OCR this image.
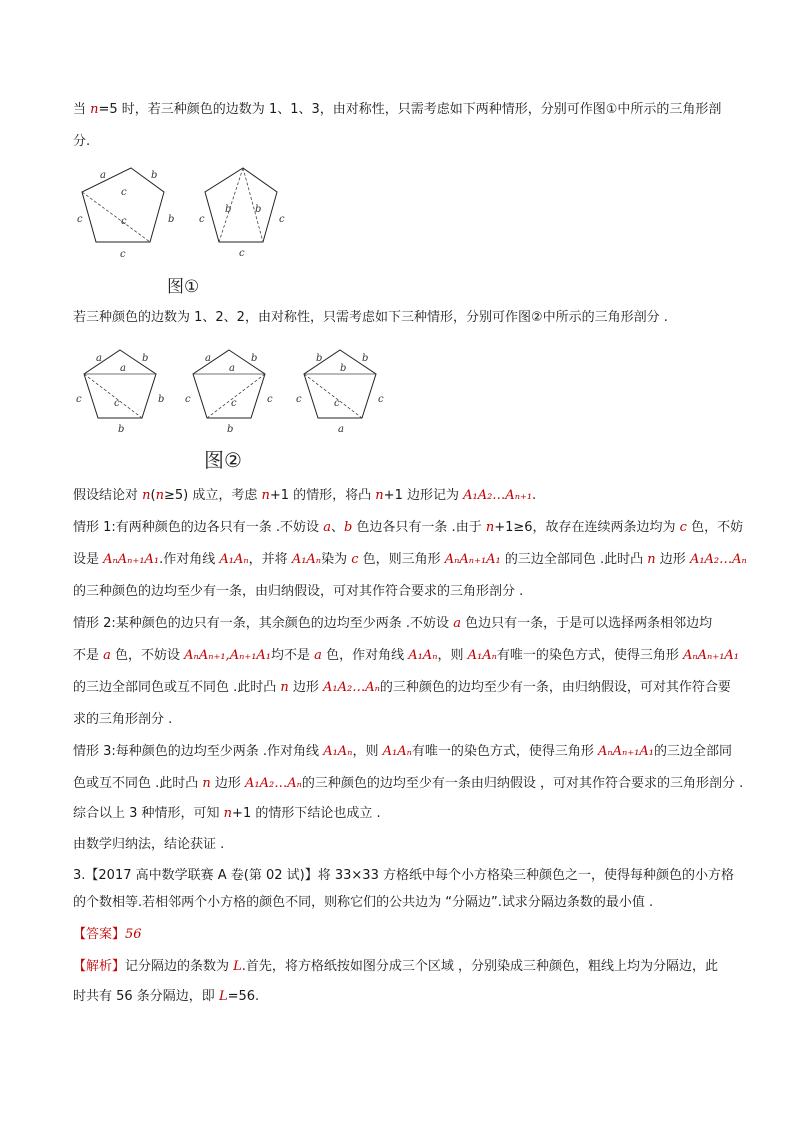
当 n=5 时，若三种颜色的边数为 1、1、3，由对称性，只需考虑如下两种情形，分别可作图①中所示的三角形剖
分.
a	b
c	b
c
c
c
b b
c	c
c
图①
若三种颜色的边数为 1、2、2，由对称性，只需考虑如下三种情形，分别可作图②中所示的三角形剖分 .
a	b
a
c	b
c
b
a	b
a
c	c
c
b
b	b
b
c	c
c
a
图②
假设结论对 n(n≥5) 成立，考虑 n+1 的情形，将凸 n+1 边形记为 A₁A₂…Aₙ₊₁.
情形 1:有两种颜色的边各只有一条 .不妨设 a、b 色边各只有一条 .由于 n+1≥6，故存在连续两条边均为 c 色，不妨
设是 AₙAₙ₊₁A₁.作对角线 A₁Aₙ，并将 A₁Aₙ染为 c 色，则三角形 AₙAₙ₊₁A₁ 的三边全部同色 .此时凸 n 边形 A₁A₂…Aₙ
的三种颜色的边均至少有一条，由归纳假设，可对其作符合要求的三角形剖分 .
情形 2:某种颜色的边只有一条，其余颜色的边均至少两条 .不妨设 a 色边只有一条，于是可以选择两条相邻边均
不是 a 色，不妨设 AₙAₙ₊₁,Aₙ₊₁A₁均不是 a 色，作对角线 A₁Aₙ，则 A₁Aₙ有唯一的染色方式，使得三角形 AₙAₙ₊₁A₁
的三边全部同色或互不同色 .此时凸 n 边形 A₁A₂…Aₙ的三种颜色的边均至少有一条，由归纳假设，可对其作符合要
求的三角形剖分 .
情形 3:每种颜色的边均至少两条 .作对角线 A₁Aₙ，则 A₁Aₙ有唯一的染色方式，使得三角形 AₙAₙ₊₁A₁的三边全部同
色或互不同色 .此时凸 n 边形 A₁A₂…Aₙ的三种颜色的边均至少有一条由归纳假设 ，可对其作符合要求的三角形剖分 .
综合以上 3 种情形，可知 n+1 的情形下结论也成立 .
由数学归纳法，结论获证 .
3.【2017 高中数学联赛 A 卷(第 02 试)】将 33×33 方格纸中每个小方格染三种颜色之一，使得每种颜色的小方格
的个数相等.若相邻两个小方格的颜色不同，则称它们的公共边为 “分隔边”.试求分隔边条数的最小值 .
【答案】56
【解析】记分隔边的条数为 L.首先，将方格纸按如图分成三个区域 ，分别染成三种颜色，粗线上均为分隔边，此
时共有 56 条分隔边，即 L=56.
